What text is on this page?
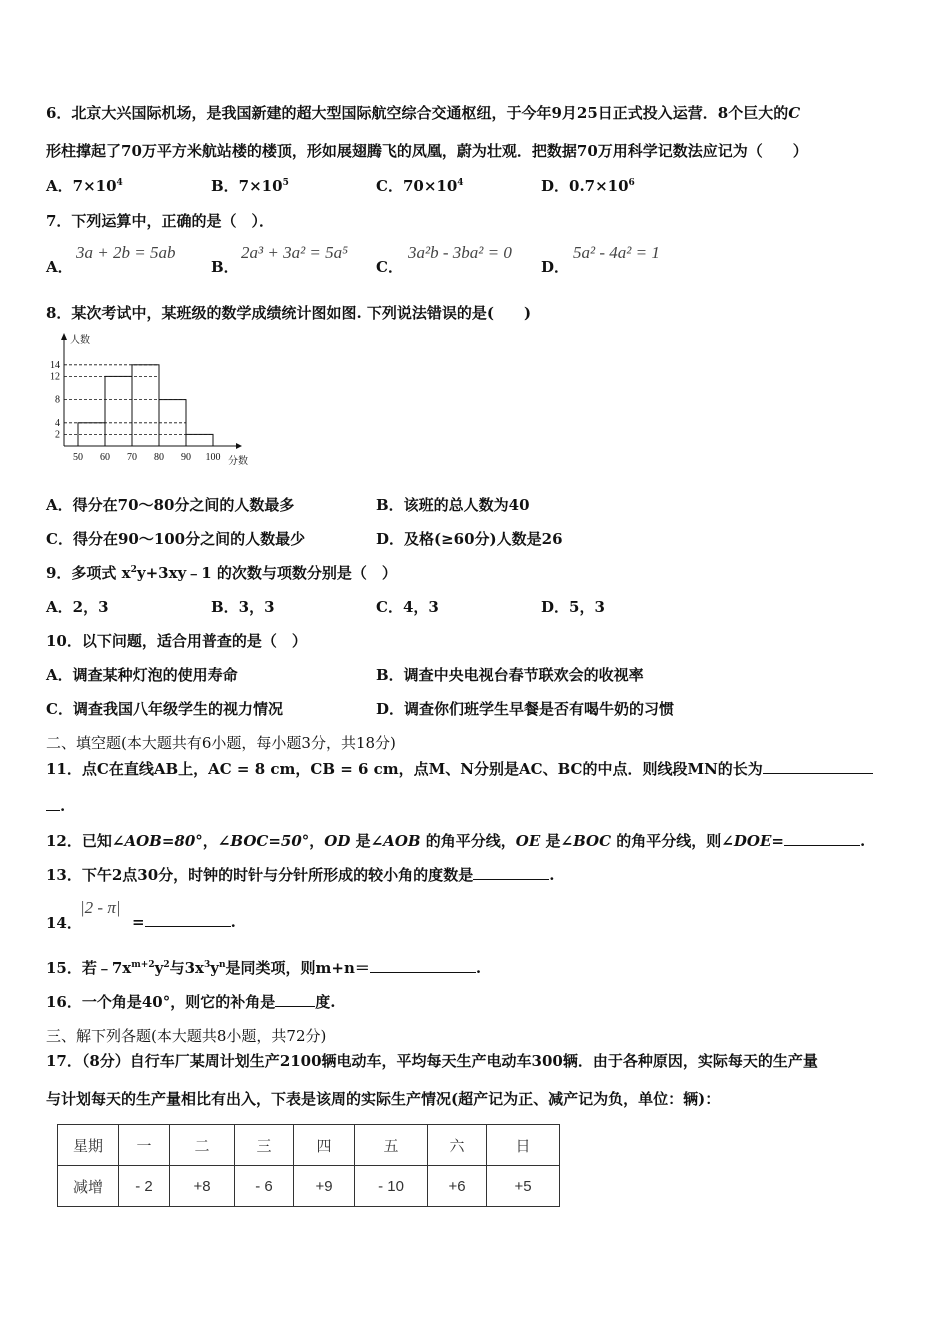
6．北京大兴国际机场，是我国新建的超大型国际航空综合交通枢纽，于今年9月25日正式投入运营．8个巨大的C
形柱撑起了70万平方米航站楼的楼顶，形如展翅腾飞的凤凰，蔚为壮观．把数据70万用科学记数法应记为（　　）
A．$7\times 10^4$	B．$7\times 10^5$	C．$70\times 10^4$	D．$0.7\times 10^6$
7．下列运算中，正确的是（　）．
A．
3a + 2b = 5ab
B．
2a³ + 3a² = 5a⁵
C．
3a²b - 3ba² = 0
D．
5a² - 4a² = 1
8．某次考试中，某班级的数学成绩统计图如图. 下列说法错误的是(　　)
2
4
8
12
14
50 60 70 80 90 100
人数
分数
A．得分在70～80分之间的人数最多	B．该班的总人数为40
C．得分在90～100分之间的人数最少	D．及格(≥60分)人数是26
9．多项式 $x^2y+3xy﹣1$ 的次数与项数分别是（　）
A．2，3	B．3，3	C．4，3	D．5，3
10．以下问题，适合用普查的是（　）
A．调查某种灯泡的使用寿命	B．调查中央电视台春节联欢会的收视率
C．调查我国八年级学生的视力情况	D．调查你们班学生早餐是否有喝牛奶的习惯
二、填空题(本大题共有6小题，每小题3分，共18分)
11．点C在直线AB上，AC = 8 cm，CB = 6 cm，点M、N分别是AC、BC的中点．则线段MN的长为
.
12．已知∠AOB=80°，∠BOC=50°，OD 是∠AOB 的角平分线，OE 是∠BOC 的角平分线，则∠DOE=	.
13．下午2点30分，时钟的时针与分针所形成的较小角的度数是	.
14．
|2 - π|
=	.
15．若$﹣7x^{m+2}y^2$与$3x^3y^n$是同类项，则m+n＝	.
16．一个角是40°，则它的补角是	度.
三、解下列各题(本大题共8小题，共72分)
17．（8分）自行车厂某周计划生产2100辆电动车，平均每天生产电动车300辆．由于各种原因，实际每天的生产量
与计划每天的生产量相比有出入，下表是该周的实际生产情况(超产记为正、减产记为负，单位：辆)：
星期	一	二	三	四	五	六	日
减增	- 2	+8	- 6	+9	- 10	+6	+5
